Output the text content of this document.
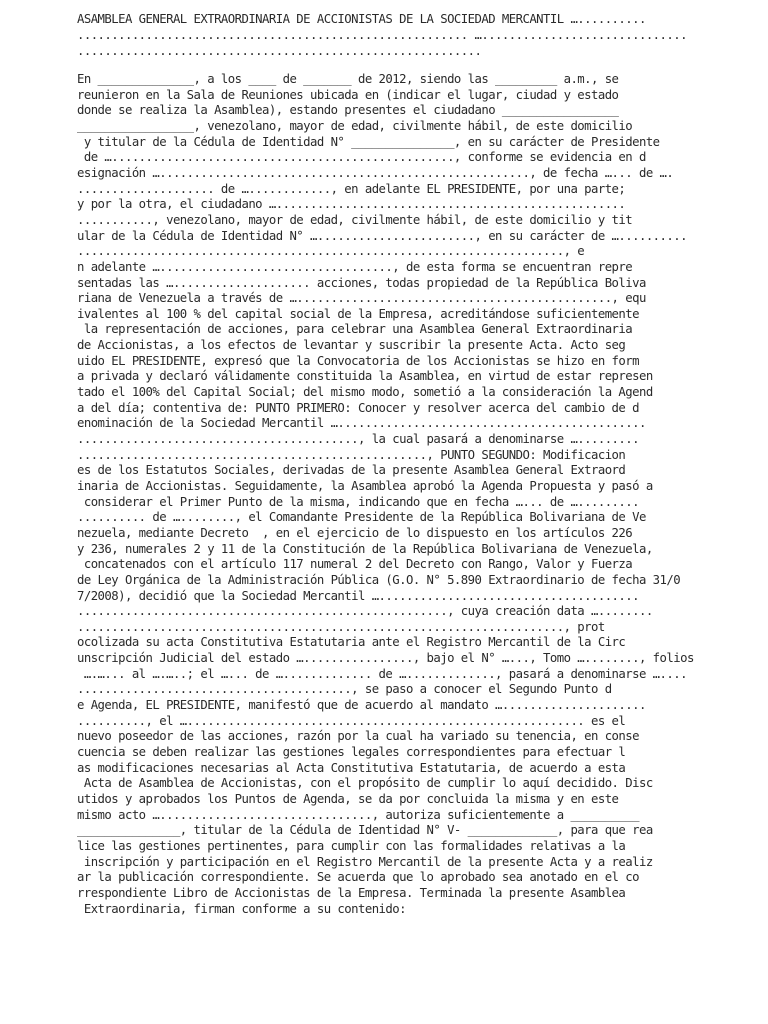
ASAMBLEA GENERAL EXTRAORDINARIA DE ACCIONISTAS DE LA SOCIEDAD MERCANTIL …..........
......................................................... …..............................
...........................................................
En ______________, a los ____ de _______ de 2012, siendo las _________ a.m., se
reunieron en la Sala de Reuniones ubicada en (indicar el lugar, ciudad y estado
donde se realiza la Asamblea), estando presentes el ciudadano _________________
_________________, venezolano, mayor de edad, civilmente hábil, de este domicilio
y titular de la Cédula de Identidad N° _______________, en su carácter de Presidente
de ….................................................., conforme se evidencia en d
esignación …......................................................, de fecha …... de ….
.................... de …............, en adelante EL PRESIDENTE, por una parte;
y por la otra, el ciudadano …...................................................
..........., venezolano, mayor de edad, civilmente hábil, de este domicilio y tit
ular de la Cédula de Identidad N° …......................., en su carácter de …..........
......................................................................., e
n adelante ….................................., de esta forma se encuentran repre
sentadas las ….................... acciones, todas propiedad de la República Boliva
riana de Venezuela a través de ….............................................., equ
ivalentes al 100 % del capital social de la Empresa, acreditándose suficientemente
la representación de acciones, para celebrar una Asamblea General Extraordinaria
de Accionistas, a los efectos de levantar y suscribir la presente Acta. Acto seg
uido EL PRESIDENTE, expresó que la Convocatoria de los Accionistas se hizo en form
a privada y declaró válidamente constituida la Asamblea, en virtud de estar represen
tado el 100% del Capital Social; del mismo modo, sometió a la consideración la Agend
a del día; contentiva de: PUNTO PRIMERO: Conocer y resolver acerca del cambio de d
enominación de la Sociedad Mercantil ….............................................
........................................., la cual pasará a denominarse ….........
..................................................., PUNTO SEGUNDO: Modificacion
es de los Estatutos Sociales, derivadas de la presente Asamblea General Extraord
inaria de Accionistas. Seguidamente, la Asamblea aprobó la Agenda Propuesta y pasó a
considerar el Primer Punto de la misma, indicando que en fecha …... de ….........
.......... de …........, el Comandante Presidente de la República Bolivariana de Ve
nezuela, mediante Decreto  , en el ejercicio de lo dispuesto en los artículos 226
y 236, numerales 2 y 11 de la Constitución de la República Bolivariana de Venezuela,
concatenados con el artículo 117 numeral 2 del Decreto con Rango, Valor y Fuerza
de Ley Orgánica de la Administración Pública (G.O. N° 5.890 Extraordinario de fecha 31/0
7/2008), decidió que la Sociedad Mercantil …......................................
......................................................, cuya creación data …........
......................................................................., prot
ocolizada su acta Constitutiva Estatutaria ante el Registro Mercantil de la Circ
unscripción Judicial del estado …................, bajo el N° …..., Tomo …........, folios
….…... al ….…..; el …... de …............. de …............., pasará a denominarse …....
........................................, se paso a conocer el Segundo Punto d
e Agenda, EL PRESIDENTE, manifestó que de acuerdo al mandato ….....................
.........., el ….......................................................... es el
nuevo poseedor de las acciones, razón por la cual ha variado su tenencia, en conse
cuencia se deben realizar las gestiones legales correspondientes para efectuar l
as modificaciones necesarias al Acta Constitutiva Estatutaria, de acuerdo a esta
Acta de Asamblea de Accionistas, con el propósito de cumplir lo aquí decidido. Disc
utidos y aprobados los Puntos de Agenda, se da por concluida la misma y en este
mismo acto …..............................., autoriza suficientemente a __________
_______________, titular de la Cédula de Identidad N° V- _____________, para que rea
lice las gestiones pertinentes, para cumplir con las formalidades relativas a la
inscripción y participación en el Registro Mercantil de la presente Acta y a realiz
ar la publicación correspondiente. Se acuerda que lo aprobado sea anotado en el co
rrespondiente Libro de Accionistas de la Empresa. Terminada la presente Asamblea
Extraordinaria, firman conforme a su contenido:
